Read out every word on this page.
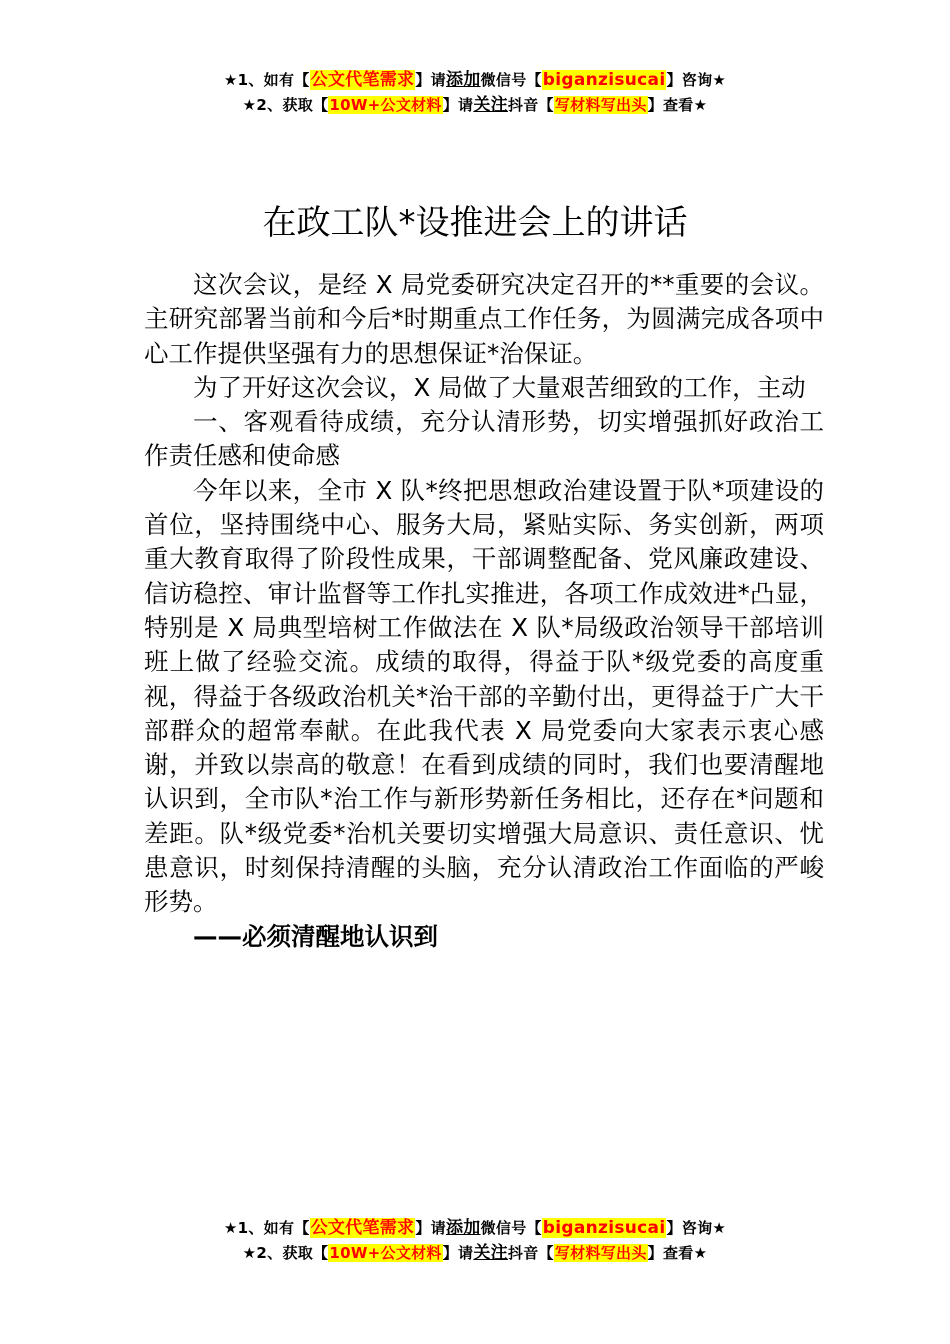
★1、如有【公文代笔需求】请添加微信号【biganzisucai】咨询★
★2、获取【10W+公文材料】请关注抖音【写材料写出头】查看★
在政工队*设推进会上的讲话

这次会议，是经 X 局党委研究决定召开的**重要的会议。主研究部署当前和今后*时期重点工作任务，为圆满完成各项中心工作提供坚强有力的思想保证*治保证。

为了开好这次会议，X 局做了大量艰苦细致的工作，主动

一、客观看待成绩，充分认清形势，切实增强抓好政治工作责任感和使命感

今年以来，全市 X 队*终把思想政治建设置于队*项建设的首位，坚持围绕中心、服务大局，紧贴实际、务实创新，两项重大教育取得了阶段性成果，干部调整配备、党风廉政建设、信访稳控、审计监督等工作扎实推进，各项工作成效进*凸显，特别是 X 局典型培树工作做法在 X 队*局级政治领导干部培训班上做了经验交流。成绩的取得，得益于队*级党委的高度重视，得益于各级政治机关*治干部的辛勤付出，更得益于广大干部群众的超常奉献。在此我代表 X 局党委向大家表示衷心感谢，并致以崇高的敬意！在看到成绩的同时，我们也要清醒地认识到，全市队*治工作与新形势新任务相比，还存在*问题和差距。队*级党委*治机关要切实增强大局意识、责任意识、忧患意识，时刻保持清醒的头脑，充分认清政治工作面临的严峻形势。

——必须清醒地认识到

★1、如有【公文代笔需求】请添加微信号【biganzisucai】咨询★
★2、获取【10W+公文材料】请关注抖音【写材料写出头】查看★
